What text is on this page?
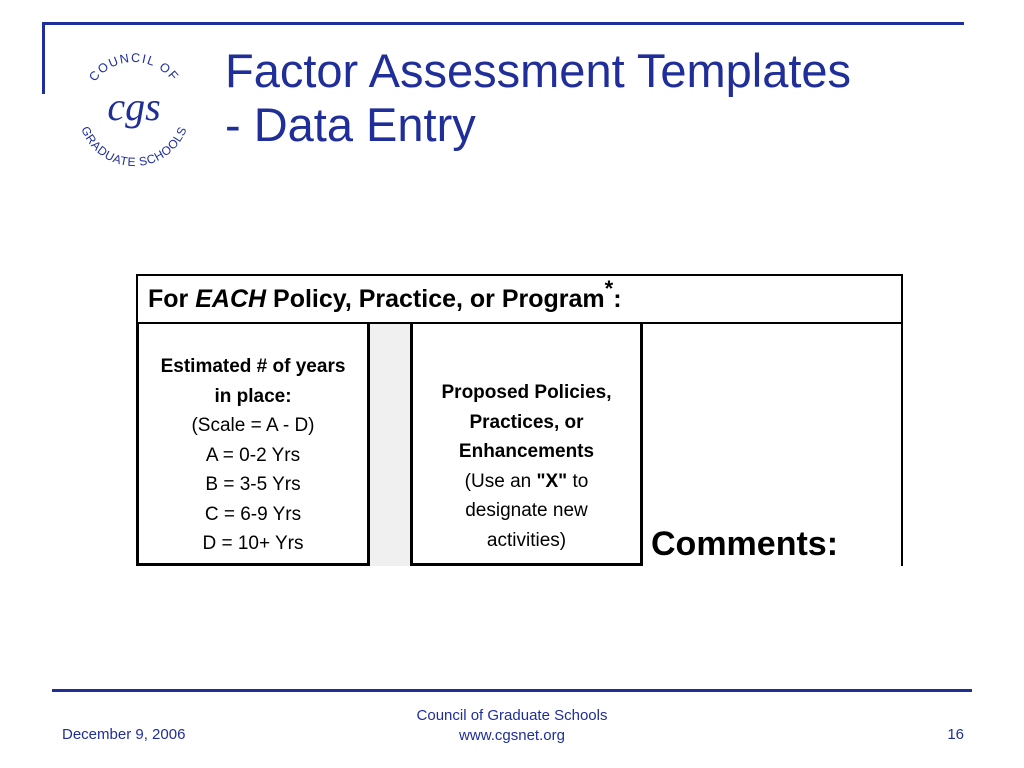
COUNCIL OF
GRADUATE SCHOOLS
cgs
Factor Assessment Templates
- Data Entry
For EACH Policy, Practice, or Program*:
Estimated # of years
in place:
(Scale = A - D)
A = 0-2 Yrs
B = 3-5 Yrs
C = 6-9 Yrs
D = 10+ Yrs
Proposed Policies,
Practices, or
Enhancements
(Use an "X" to
designate new
activities)	Comments:
December 9, 2006
Council of Graduate Schools
www.cgsnet.org	16
